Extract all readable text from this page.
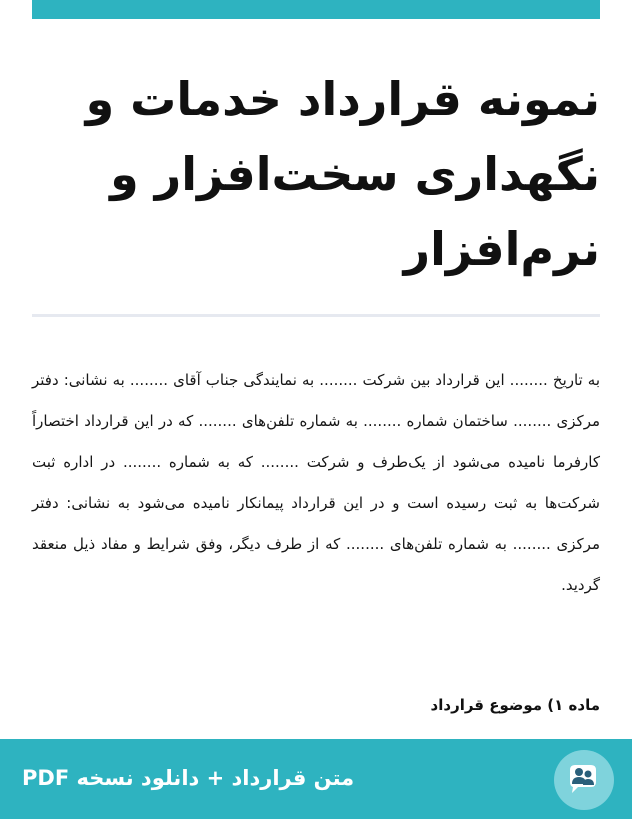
نمونه قرارداد خدمات و نگهداری سخت‌افزار و نرم‌افزار

به تاریخ ........ این قرارداد بین شرکت ........ به نمایندگی جناب آقای ........ به نشانی: دفتر مرکزی ........ ساختمان شماره ........ به شماره تلفن‌های ........ که در این قرارداد اختصاراً کارفرما نامیده می‌شود از یک‌طرف و شرکت ........ که به شماره ........ در اداره ثبت شرکت‌ها به ثبت رسیده است و در این قرارداد پیمانکار نامیده می‌شود به نشانی: دفتر مرکزی ........ به شماره تلفن‌های ........ که از طرف دیگر، وفق شرایط و مفاد ذیل منعقد گردید.

ماده ۱) موضوع قرارداد

متن قرارداد + دانلود نسخه PDF
